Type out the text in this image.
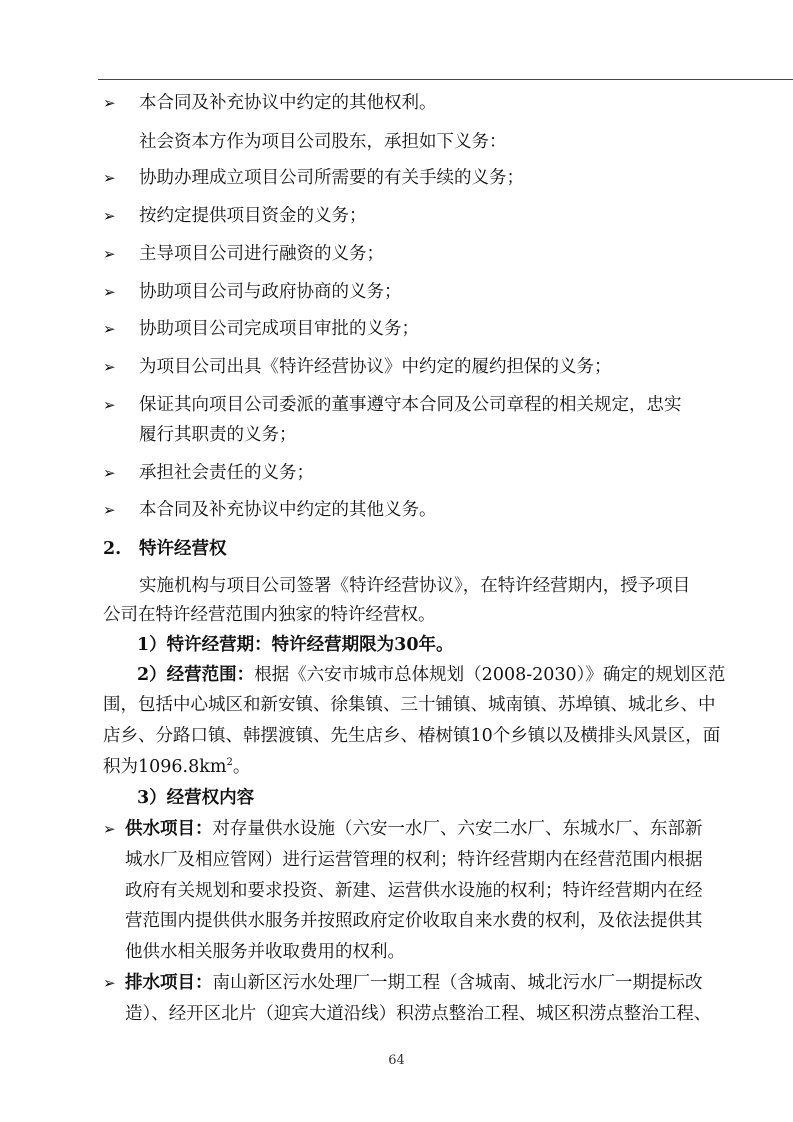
➢ 本合同及补充协议中约定的其他权利。
社会资本方作为项目公司股东，承担如下义务：
➢ 协助办理成立项目公司所需要的有关手续的义务；
➢ 按约定提供项目资金的义务；
➢ 主导项目公司进行融资的义务；
➢ 协助项目公司与政府协商的义务；
➢ 协助项目公司完成项目审批的义务；
➢ 为项目公司出具《特许经营协议》中约定的履约担保的义务；
➢ 保证其向项目公司委派的董事遵守本合同及公司章程的相关规定，忠实
履行其职责的义务；
➢ 承担社会责任的义务；
➢ 本合同及补充协议中约定的其他义务。
2. 特许经营权
实施机构与项目公司签署《特许经营协议》，在特许经营期内，授予项目
公司在特许经营范围内独家的特许经营权。
1）特许经营期：特许经营期限为30年。
2）经营范围：根据《六安市城市总体规划（2008-2030）》确定的规划区范
围，包括中心城区和新安镇、徐集镇、三十铺镇、城南镇、苏埠镇、城北乡、中
店乡、分路口镇、韩摆渡镇、先生店乡、椿树镇10个乡镇以及横排头风景区，面
积为$1096.8km^2$。
3）经营权内容
➢ 供水项目：对存量供水设施（六安一水厂、六安二水厂、东城水厂、东部新
城水厂及相应管网）进行运营管理的权利；特许经营期内在经营范围内根据
政府有关规划和要求投资、新建、运营供水设施的权利；特许经营期内在经
营范围内提供供水服务并按照政府定价收取自来水费的权利，及依法提供其
他供水相关服务并收取费用的权利。
➢ 排水项目：南山新区污水处理厂一期工程（含城南、城北污水厂一期提标改
造）、经开区北片（迎宾大道沿线）积涝点整治工程、城区积涝点整治工程、
64
